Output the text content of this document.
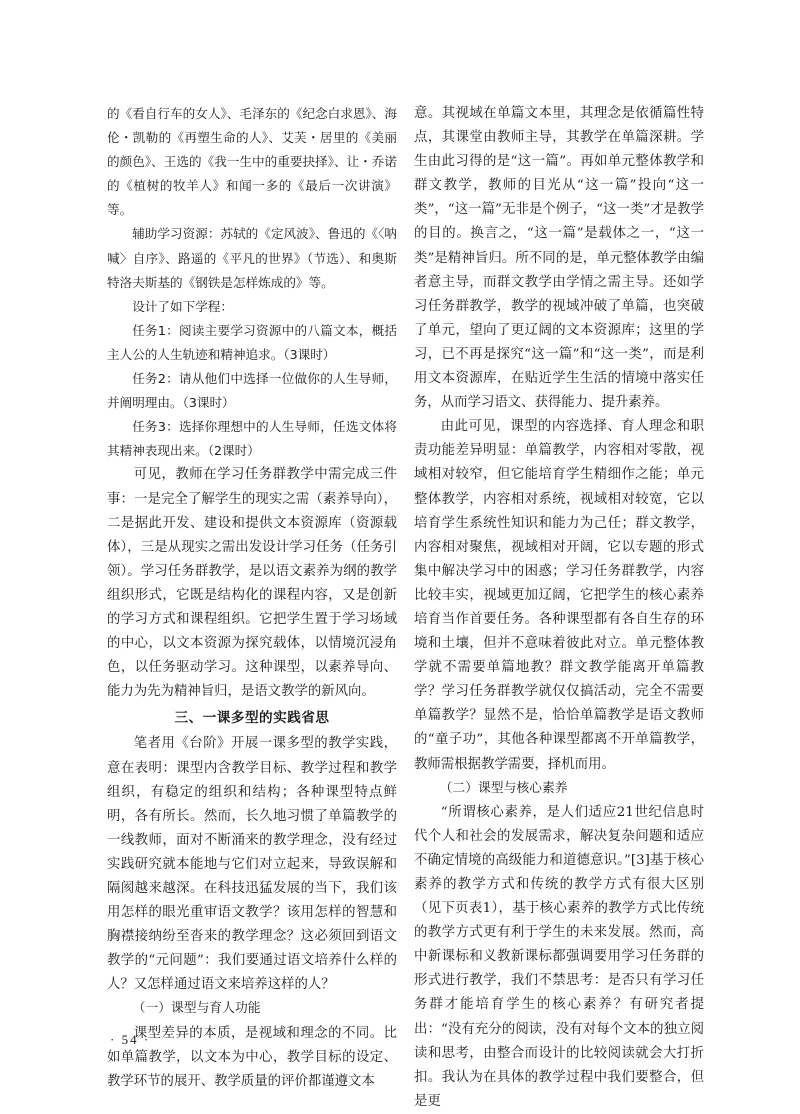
的《看自行车的女人》、毛泽东的《纪念白求恩》、海伦・凯勒的《再塑生命的人》、艾芙・居里的《美丽的颜色》、王选的《我一生中的重要抉择》、让・乔诺的《植树的牧羊人》和闻一多的《最后一次讲演》等。

辅助学习资源：苏轼的《定风波》、鲁迅的《〈呐喊〉自序》、路遥的《平凡的世界》（节选）、和奥斯特洛夫斯基的《钢铁是怎样炼成的》等。

设计了如下学程：

任务1：阅读主要学习资源中的八篇文本，概括主人公的人生轨迹和精神追求。（3课时）

任务2：请从他们中选择一位做你的人生导师，并阐明理由。（3课时）

任务3：选择你理想中的人生导师，任选文体将其精神表现出来。（2课时）

可见，教师在学习任务群教学中需完成三件事：一是完全了解学生的现实之需（素养导向），二是据此开发、建设和提供文本资源库（资源载体），三是从现实之需出发设计学习任务（任务引领）。学习任务群教学，是以语文素养为纲的教学组织形式，它既是结构化的课程内容，又是创新的学习方式和课程组织。它把学生置于学习场域的中心，以文本资源为探究载体，以情境沉浸角色，以任务驱动学习。这种课型，以素养导向、能力为先为精神旨归，是语文教学的新风向。

三、一课多型的实践省思

笔者用《台阶》开展一课多型的教学实践，意在表明：课型内含教学目标、教学过程和教学组织，有稳定的组织和结构；各种课型特点鲜明，各有所长。然而，长久地习惯了单篇教学的一线教师，面对不断涌来的教学理念，没有经过实践研究就本能地与它们对立起来，导致误解和隔阂越来越深。在科技迅猛发展的当下，我们该用怎样的眼光重审语文教学？该用怎样的智慧和胸襟接纳纷至沓来的教学理念？这必须回到语文教学的“元问题”：我们要通过语文培养什么样的人？又怎样通过语文来培养这样的人？

（一）课型与育人功能

课型差异的本质，是视域和理念的不同。比如单篇教学，以文本为中心，教学目标的设定、教学环节的展开、教学质量的评价都谨遵文本

意。其视域在单篇文本里，其理念是依循篇性特点，其课堂由教师主导，其教学在单篇深耕。学生由此习得的是“这一篇”。再如单元整体教学和群文教学，教师的目光从“这一篇”投向“这一类”，“这一篇”无非是个例子，“这一类”才是教学的目的。换言之，“这一篇”是载体之一，“这一类”是精神旨归。所不同的是，单元整体教学由编者意主导，而群文教学由学情之需主导。还如学习任务群教学，教学的视域冲破了单篇，也突破了单元，望向了更辽阔的文本资源库；这里的学习，已不再是探究“这一篇”和“这一类”，而是利用文本资源库，在贴近学生生活的情境中落实任务，从而学习语文、获得能力、提升素养。

由此可见，课型的内容选择、育人理念和职责功能差异明显：单篇教学，内容相对零散，视域相对较窄，但它能培育学生精细作之能；单元整体教学，内容相对系统，视域相对较宽，它以培育学生系统性知识和能力为己任；群文教学，内容相对聚焦，视域相对开阔，它以专题的形式集中解决学习中的困惑；学习任务群教学，内容比较丰实，视域更加辽阔，它把学生的核心素养培育当作首要任务。各种课型都有各自生存的环境和土壤，但并不意味着彼此对立。单元整体教学就不需要单篇地教？群文教学能离开单篇教学？学习任务群教学就仅仅搞活动，完全不需要单篇教学？显然不是，恰恰单篇教学是语文教师的“童子功”，其他各种课型都离不开单篇教学，教师需根据教学需要，择机而用。

（二）课型与核心素养

“所谓核心素养，是人们适应21世纪信息时代个人和社会的发展需求，解决复杂问题和适应不确定情境的高级能力和道德意识。”[3]基于核心素养的教学方式和传统的教学方式有很大区别（见下页表1），基于核心素养的教学方式比传统的教学方式更有利于学生的未来发展。然而，高中新课标和义教新课标都强调要用学习任务群的形式进行教学，我们不禁思考：是否只有学习任务群才能培育学生的核心素养？有研究者提出：“没有充分的阅读，没有对每个文本的独立阅读和思考，由整合而设计的比较阅读就会大打折扣。我认为在具体的教学过程中我们要整合，但是更

· 54 ·
